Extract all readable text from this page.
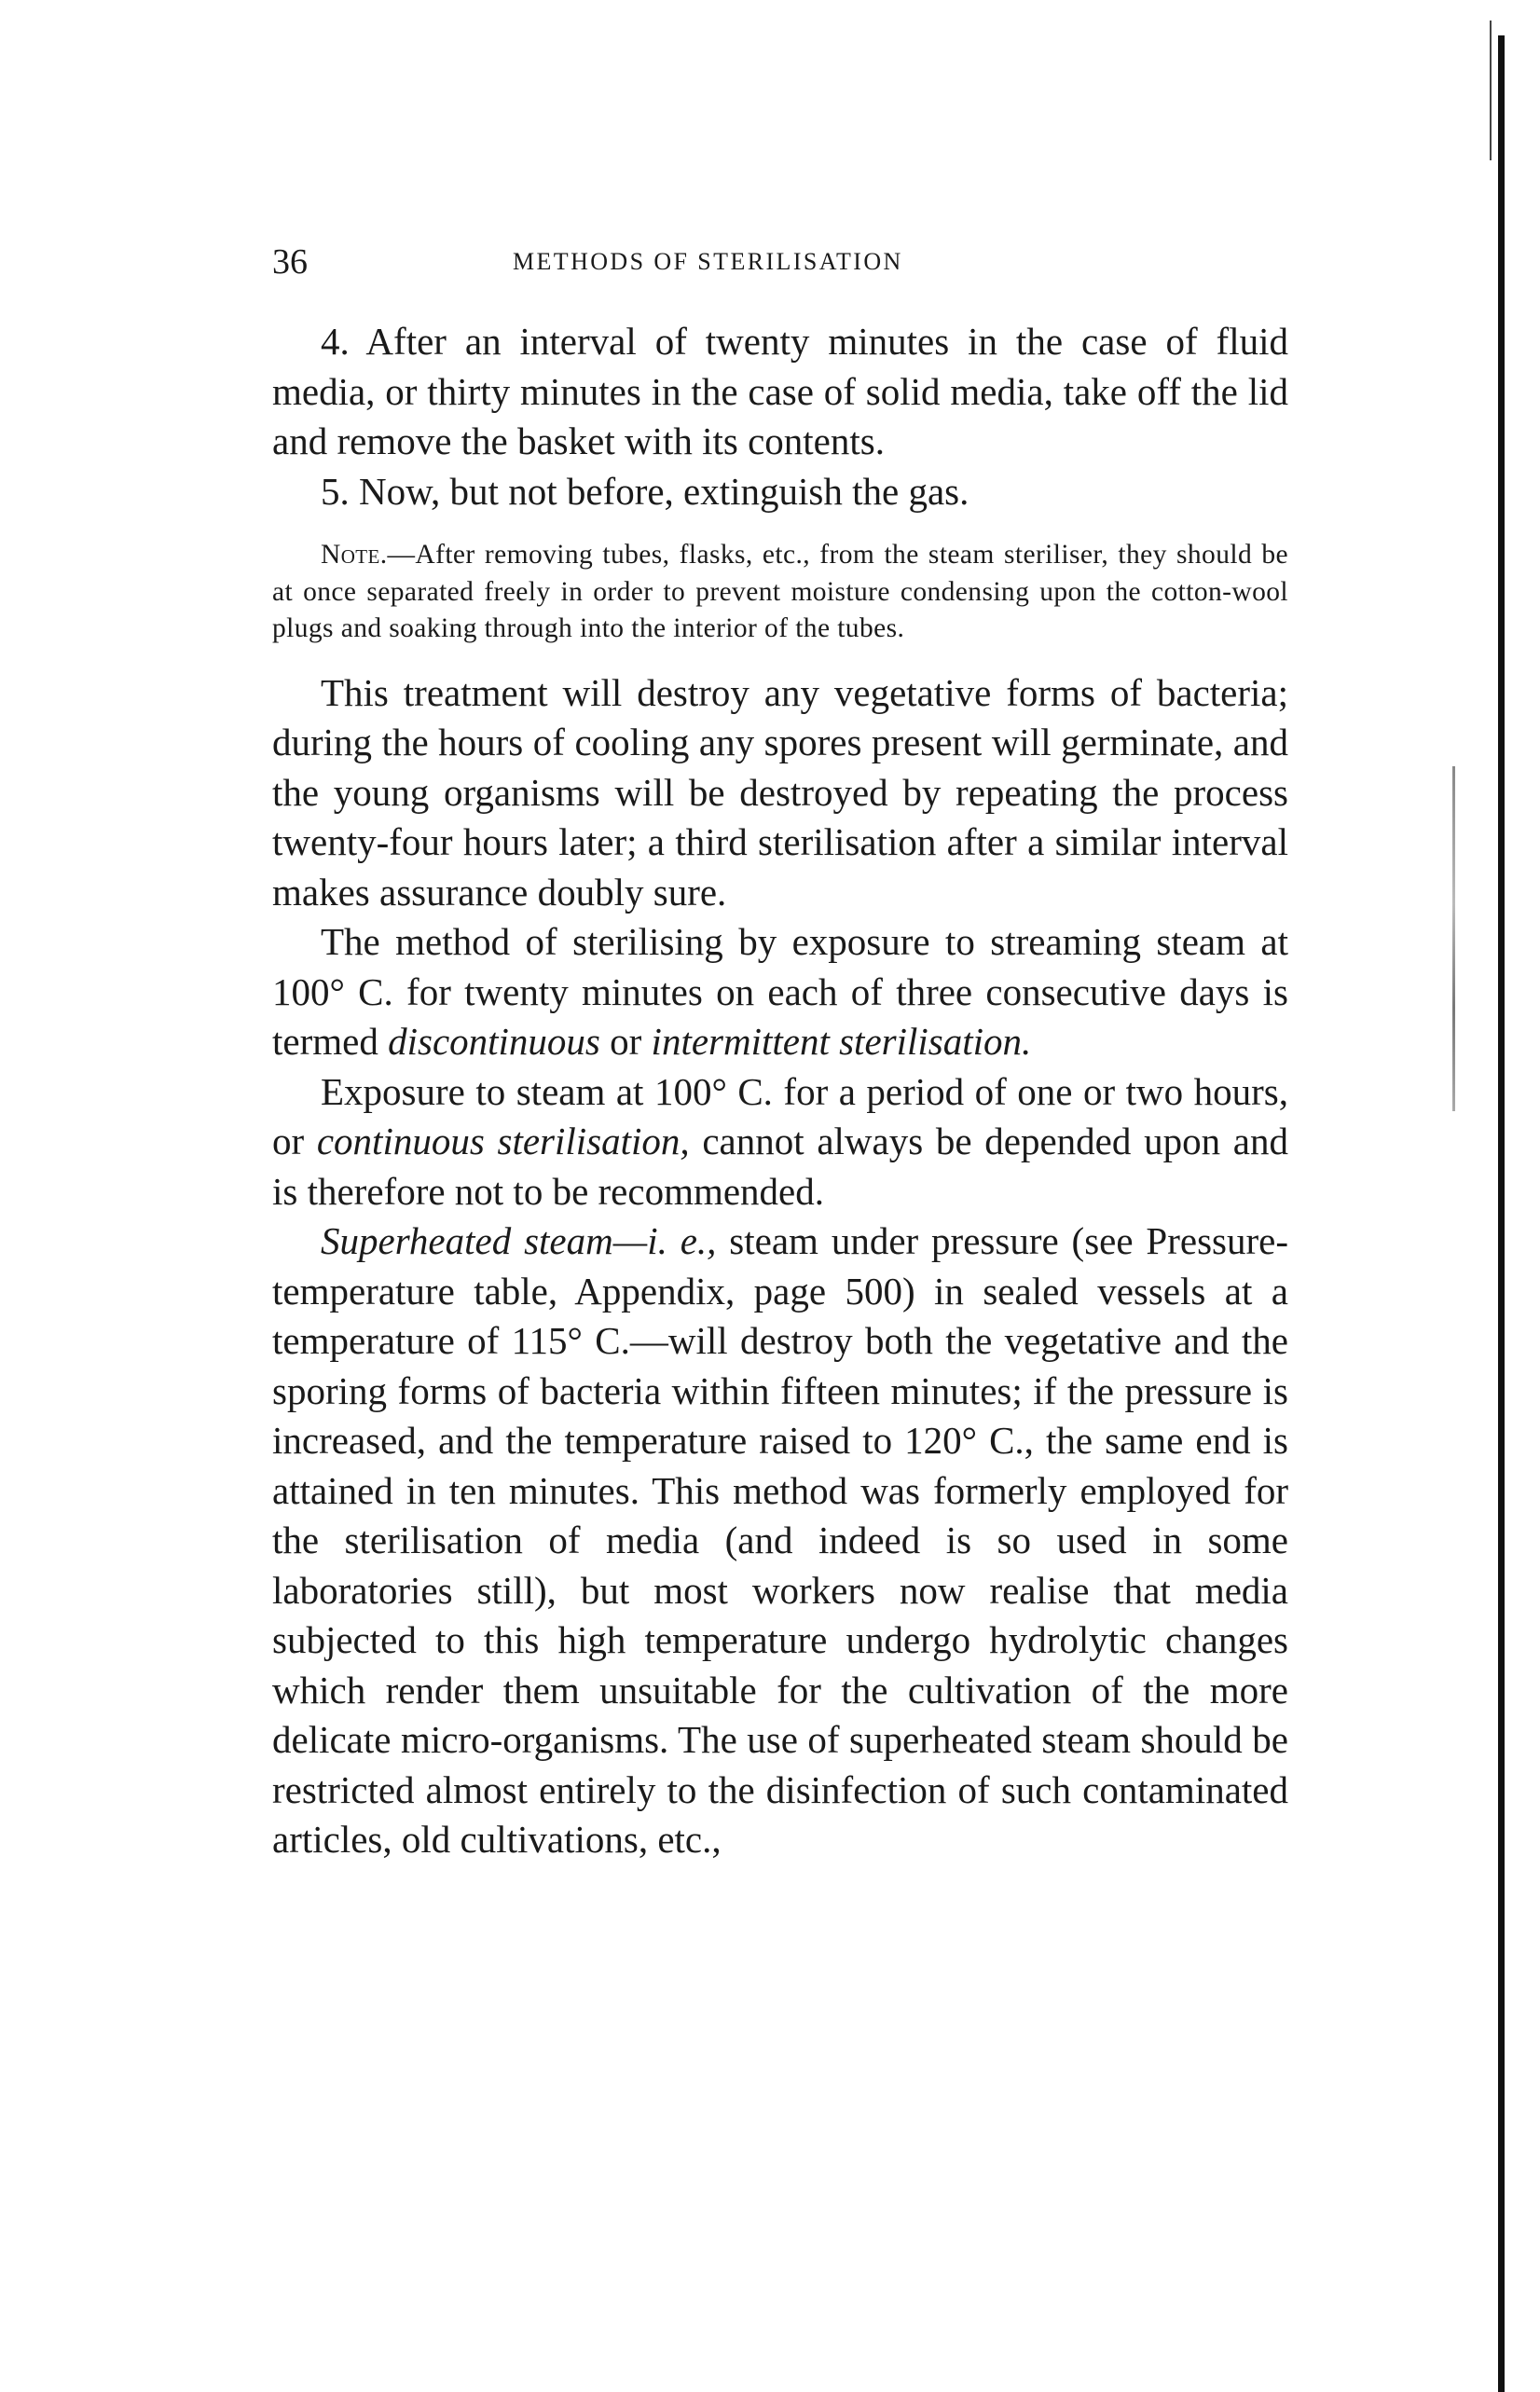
36	METHODS OF STERILISATION

4. After an interval of twenty minutes in the case of fluid media, or thirty minutes in the case of solid media, take off the lid and remove the basket with its contents.

5. Now, but not before, extinguish the gas.

Note.—After removing tubes, flasks, etc., from the steam steriliser, they should be at once separated freely in order to prevent moisture condensing upon the cotton-wool plugs and soaking through into the interior of the tubes.

This treatment will destroy any vegetative forms of bacteria; during the hours of cooling any spores present will germinate, and the young organisms will be destroyed by repeating the process twenty-four hours later; a third sterilisation after a similar interval makes assurance doubly sure.

The method of sterilising by exposure to streaming steam at 100° C. for twenty minutes on each of three consecutive days is termed discontinuous or intermittent sterilisation.

Exposure to steam at 100° C. for a period of one or two hours, or continuous sterilisation, cannot always be depended upon and is therefore not to be recommended.

Superheated steam—i. e., steam under pressure (see Pressure-temperature table, Appendix, page 500) in sealed vessels at a temperature of 115° C.—will destroy both the vegetative and the sporing forms of bacteria within fifteen minutes; if the pressure is increased, and the temperature raised to 120° C., the same end is attained in ten minutes. This method was formerly employed for the sterilisation of media (and indeed is so used in some laboratories still), but most workers now realise that media subjected to this high temperature undergo hydrolytic changes which render them unsuitable for the cultivation of the more delicate micro-organisms. The use of superheated steam should be restricted almost entirely to the disinfection of such contaminated articles, old cultivations, etc.,
